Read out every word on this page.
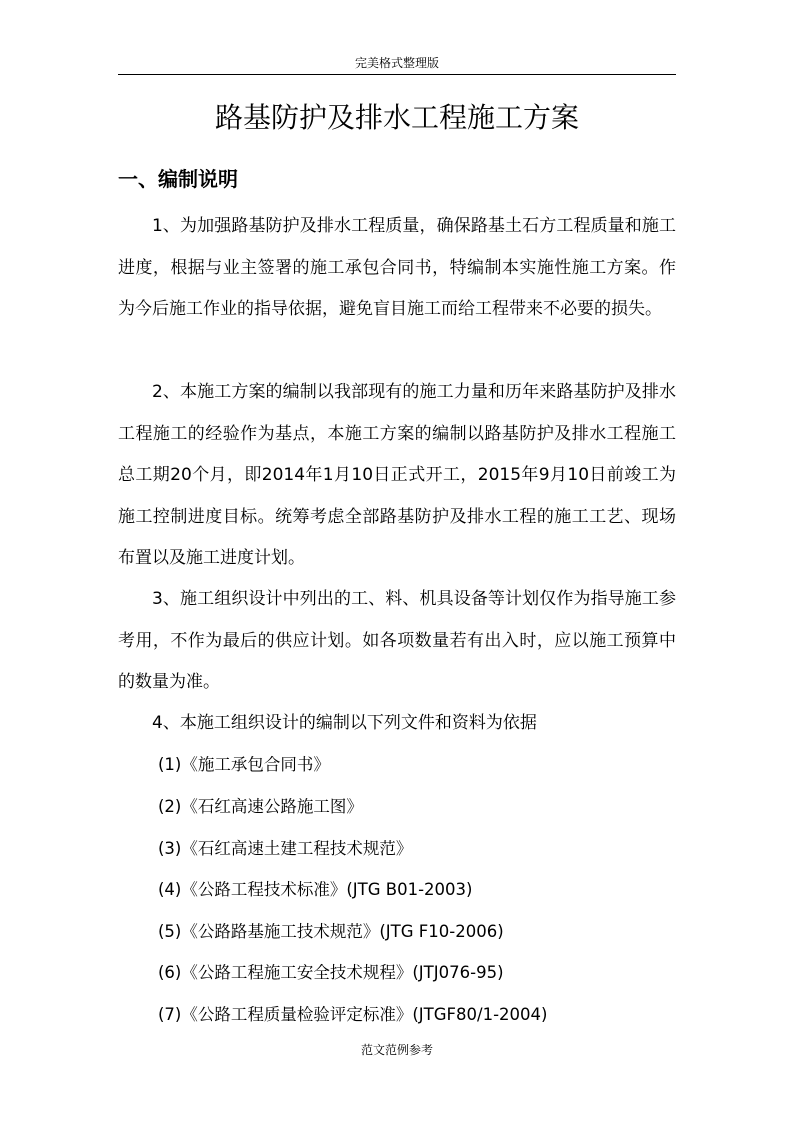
完美格式整理版
路基防护及排水工程施工方案
一、编制说明

1、为加强路基防护及排水工程质量，确保路基土石方工程质量和施工进度，根据与业主签署的施工承包合同书，特编制本实施性施工方案。作为今后施工作业的指导依据，避免盲目施工而给工程带来不必要的损失。

2、本施工方案的编制以我部现有的施工力量和历年来路基防护及排水工程施工的经验作为基点，本施工方案的编制以路基防护及排水工程施工总工期20个月，即2014年1月10日正式开工，2015年9月10日前竣工为施工控制进度目标。统筹考虑全部路基防护及排水工程的施工工艺、现场布置以及施工进度计划。

3、施工组织设计中列出的工、料、机具设备等计划仅作为指导施工参考用，不作为最后的供应计划。如各项数量若有出入时，应以施工预算中的数量为准。

4、本施工组织设计的编制以下列文件和资料为依据

(1)《施工承包合同书》

(2)《石红高速公路施工图》

(3)《石红高速土建工程技术规范》

(4)《公路工程技术标准》(JTG B01-2003)

(5)《公路路基施工技术规范》(JTG F10-2006)

(6)《公路工程施工安全技术规程》(JTJ076-95)

(7)《公路工程质量检验评定标准》(JTGF80/1-2004)

范文范例参考
